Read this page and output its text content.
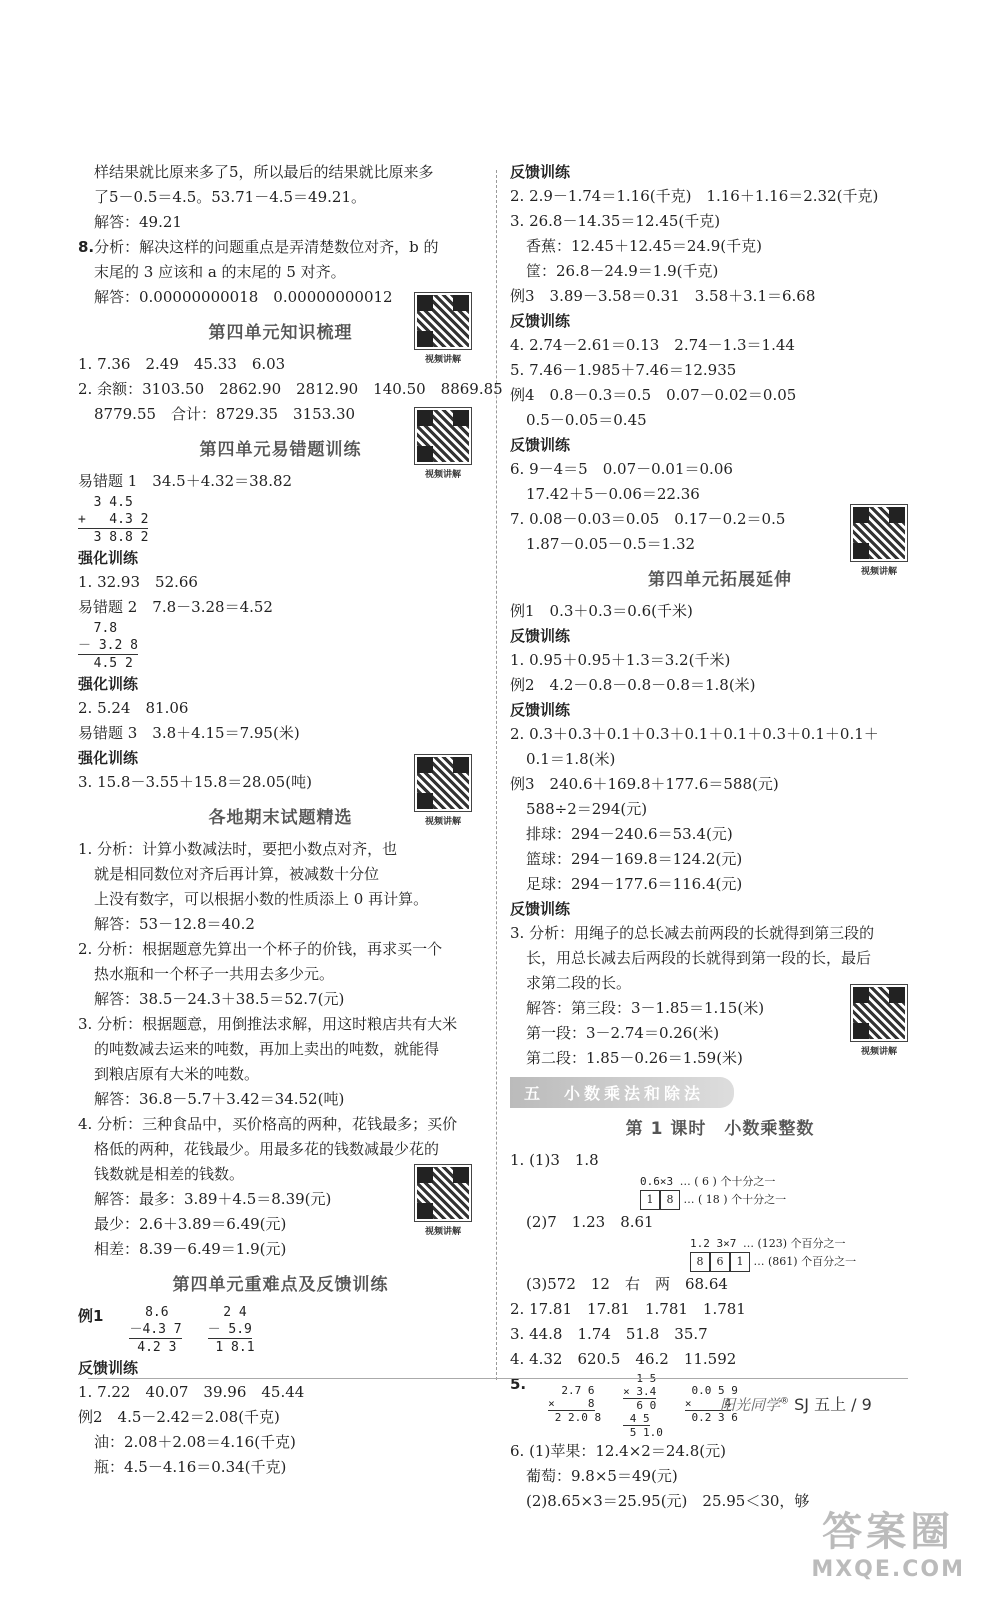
样结果就比原来多了5，所以最后的结果就比原来多
了5－0.5＝4.5。53.71－4.5＝49.21。
解答：49.21
8.分析：解决这样的问题重点是弄清楚数位对齐，b 的
末尾的 3 应该和 a 的末尾的 5 对齐。
解答：0.00000000018　0.00000000012
第四单元知识梳理
1. 7.36　2.49　45.33　6.03
2. 余额：3103.50　2862.90　2812.90　140.50　8869.85
8779.55　合计：8729.35　3153.30
第四单元易错题训练
易错题 1　34.5＋4.32＝38.82
3 4.5
+   4.3 2
3 8.8 2
强化训练
1. 32.93　52.66
易错题 2　7.8－3.28＝4.52
7.8
－ 3.2 8
4.5 2
强化训练
2. 5.24　81.06
易错题 3　3.8＋4.15＝7.95(米)
强化训练
3. 15.8－3.55＋15.8＝28.05(吨)
各地期末试题精选
1. 分析：计算小数减法时，要把小数点对齐，也
就是相同数位对齐后再计算，被减数十分位
上没有数字，可以根据小数的性质添上 0 再计算。
解答：53－12.8＝40.2
2. 分析：根据题意先算出一个杯子的价钱，再求买一个
热水瓶和一个杯子一共用去多少元。
解答：38.5－24.3＋38.5＝52.7(元)
3. 分析：根据题意，用倒推法求解，用这时粮店共有大米
的吨数减去运来的吨数，再加上卖出的吨数，就能得
到粮店原有大米的吨数。
解答：36.8－5.7＋3.42＝34.52(吨)
4. 分析：三种食品中，买价格高的两种，花钱最多；买价
格低的两种，花钱最少。用最多花的钱数减最少花的
钱数就是相差的钱数。
解答：最多：3.89＋4.5＝8.39(元)
最少：2.6＋3.89＝6.49(元)
相差：8.39－6.49＝1.9(元)
第四单元重难点及反馈训练
例1 8.6
－4.3 7
4.2 3
2 4
－ 5.9
1 8.1
反馈训练
1. 7.22　40.07　39.96　45.44
例2　4.5－2.42＝2.08(千克)
油：2.08＋2.08＝4.16(千克)
瓶：4.5－4.16＝0.34(千克)
反馈训练
2. 2.9－1.74＝1.16(千克)　1.16＋1.16＝2.32(千克)
3. 26.8－14.35＝12.45(千克)
香蕉：12.45＋12.45＝24.9(千克)
筐：26.8－24.9＝1.9(千克)
例3　3.89－3.58＝0.31　3.58＋3.1＝6.68
反馈训练
4. 2.74－2.61＝0.13　2.74－1.3＝1.44
5. 7.46－1.985＋7.46＝12.935
例4　0.8－0.3＝0.5　0.07－0.02＝0.05
0.5－0.05＝0.45
反馈训练
6. 9－4＝5　0.07－0.01＝0.06
17.42＋5－0.06＝22.36
7. 0.08－0.03＝0.05　0.17－0.2＝0.5
1.87－0.05－0.5＝1.32
第四单元拓展延伸
例1　0.3＋0.3＝0.6(千米)
反馈训练
1. 0.95＋0.95＋1.3＝3.2(千米)
例2　4.2－0.8－0.8－0.8＝1.8(米)
反馈训练
2. 0.3＋0.3＋0.1＋0.3＋0.1＋0.1＋0.3＋0.1＋0.1＋
0.1＝1.8(米)
例3　240.6＋169.8＋177.6＝588(元)
588÷2＝294(元)
排球：294－240.6＝53.4(元)
篮球：294－169.8＝124.2(元)
足球：294－177.6＝116.4(元)
反馈训练
3. 分析：用绳子的总长减去前两段的长就得到第三段的
长，用总长减去后两段的长就得到第一段的长，最后
求第二段的长。
解答：第三段：3－1.85＝1.15(米)
第一段：3－2.74＝0.26(米)
第二段：1.85－0.26＝1.59(米)
五　小数乘法和除法
第 1 课时　小数乘整数
1. (1)3　1.8
0.6×3 … ( 6 ) 个十分之一
1 8 … ( 18 ) 个十分之一
(2)7　1.23　8.61
1.2 3×7 … (123) 个百分之一
8 6 1 … (861) 个百分之一
(3)572　12　右　两　68.64
2. 17.81　17.81　1.781　1.781
3. 44.8　1.74　51.8　35.7
4. 4.32　620.5　46.2　11.592
5. 2.7 6
×     8
2 2.0 8
1 5
× 3.4
6 0
4 5
5 1.0
0.0 5 9
×     4
0.2 3 6
6. (1)苹果：12.4×2＝24.8(元)
葡萄：9.8×5＝49(元)
(2)8.65×3＝25.95(元)　25.95＜30，够
视频讲解
视频讲解
视频讲解
视频讲解
视频讲解
视频讲解
阳光同学® SJ 五上 / 9
答案圈
MXQE.COM
